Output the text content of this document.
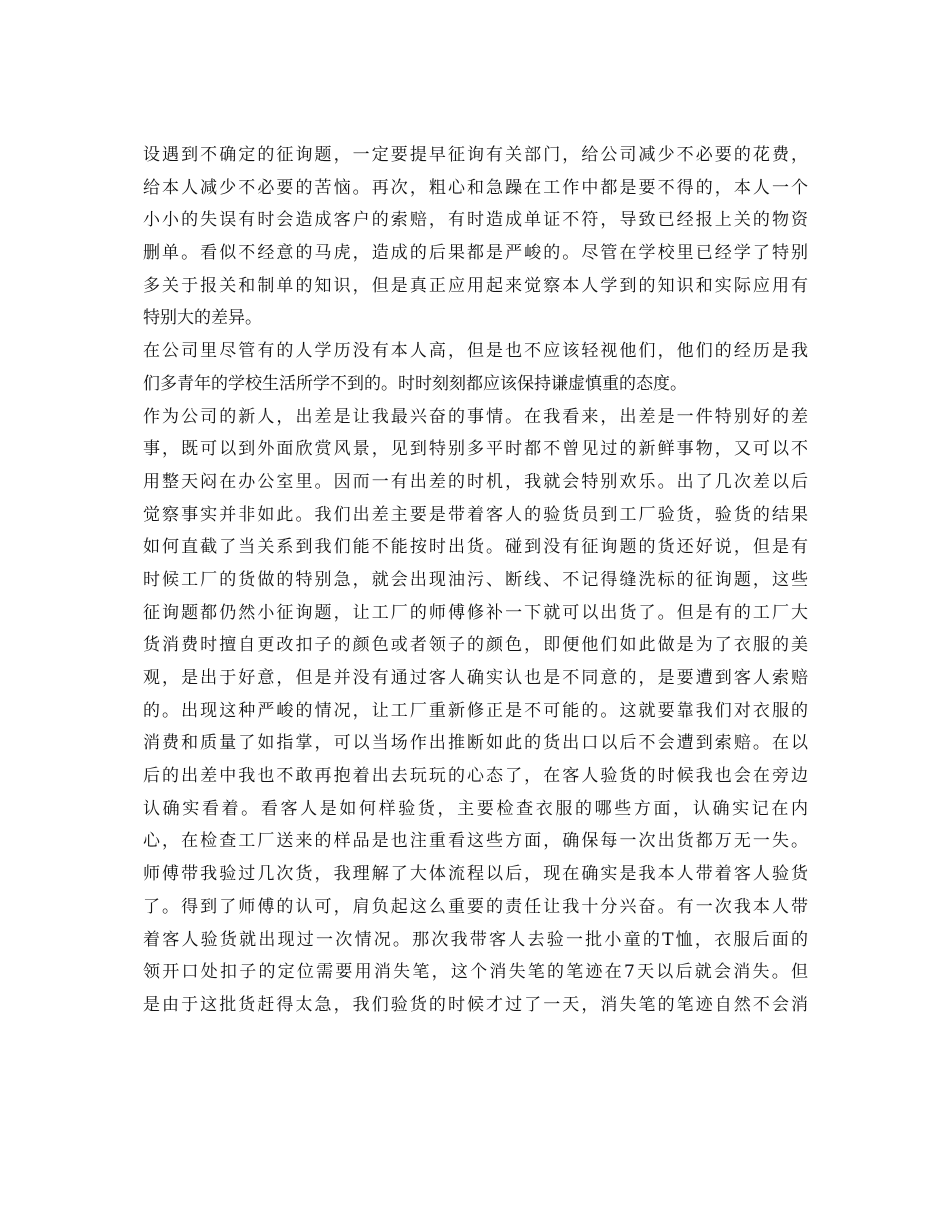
设遇到不确定的征询题，一定要提早征询有关部门，给公司减少不必要的花费，
给本人减少不必要的苦恼。再次，粗心和急躁在工作中都是要不得的，本人一个
小小的失误有时会造成客户的索赔，有时造成单证不符，导致已经报上关的物资
删单。看似不经意的马虎，造成的后果都是严峻的。尽管在学校里已经学了特别
多关于报关和制单的知识，但是真正应用起来觉察本人学到的知识和实际应用有
特别大的差异。
在公司里尽管有的人学历没有本人高，但是也不应该轻视他们，他们的经历是我
们多青年的学校生活所学不到的。时时刻刻都应该保持谦虚慎重的态度。
作为公司的新人，出差是让我最兴奋的事情。在我看来，出差是一件特别好的差
事，既可以到外面欣赏风景，见到特别多平时都不曾见过的新鲜事物，又可以不
用整天闷在办公室里。因而一有出差的时机，我就会特别欢乐。出了几次差以后
觉察事实并非如此。我们出差主要是带着客人的验货员到工厂验货，验货的结果
如何直截了当关系到我们能不能按时出货。碰到没有征询题的货还好说，但是有
时候工厂的货做的特别急，就会出现油污、断线、不记得缝洗标的征询题，这些
征询题都仍然小征询题，让工厂的师傅修补一下就可以出货了。但是有的工厂大
货消费时擅自更改扣子的颜色或者领子的颜色，即便他们如此做是为了衣服的美
观，是出于好意，但是并没有通过客人确实认也是不同意的，是要遭到客人索赔
的。出现这种严峻的情况，让工厂重新修正是不可能的。这就要靠我们对衣服的
消费和质量了如指掌，可以当场作出推断如此的货出口以后不会遭到索赔。在以
后的出差中我也不敢再抱着出去玩玩的心态了，在客人验货的时候我也会在旁边
认确实看着。看客人是如何样验货，主要检查衣服的哪些方面，认确实记在内
心，在检查工厂送来的样品是也注重看这些方面，确保每一次出货都万无一失。
师傅带我验过几次货，我理解了大体流程以后，现在确实是我本人带着客人验货
了。得到了师傅的认可，肩负起这么重要的责任让我十分兴奋。有一次我本人带
着客人验货就出现过一次情况。那次我带客人去验一批小童的T恤，衣服后面的
领开口处扣子的定位需要用消失笔，这个消失笔的笔迹在7天以后就会消失。但
是由于这批货赶得太急，我们验货的时候才过了一天，消失笔的笔迹自然不会消
